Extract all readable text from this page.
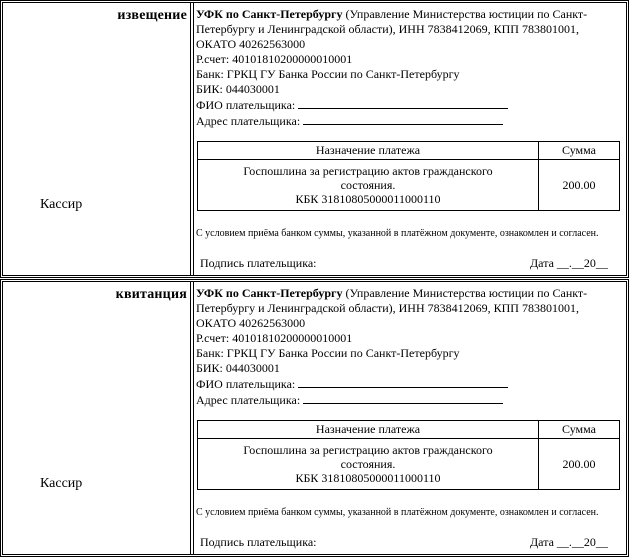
извещение
Кассир

УФК по Санкт-Петербургу (Управление Министерства юстиции по Санкт-Петербургу и Ленинградской области), ИНН 7838412069, КПП 783801001, ОКАТО 40262563000

Р.счет: 40101810200000010001

Банк: ГРКЦ ГУ Банка России по Санкт-Петербургу

БИК: 044030001

ФИО плательщика:

Адрес плательщика:

Назначение платежа	Сумма

Госпошлина за регистрацию актов гражданского
состояния.
КБК 31810805000011000110	200.00
С условием приёма банком суммы, указанной в платёжном документе, ознакомлен и согласен.
Подпись плательщика:	Дата __.__20__
квитанция
Кассир

УФК по Санкт-Петербургу (Управление Министерства юстиции по Санкт-Петербургу и Ленинградской области), ИНН 7838412069, КПП 783801001, ОКАТО 40262563000

Р.счет: 40101810200000010001

Банк: ГРКЦ ГУ Банка России по Санкт-Петербургу

БИК: 044030001

ФИО плательщика:

Адрес плательщика:

Назначение платежа	Сумма

Госпошлина за регистрацию актов гражданского
состояния.
КБК 31810805000011000110	200.00
С условием приёма банком суммы, указанной в платёжном документе, ознакомлен и согласен.
Подпись плательщика:	Дата __.__20__
